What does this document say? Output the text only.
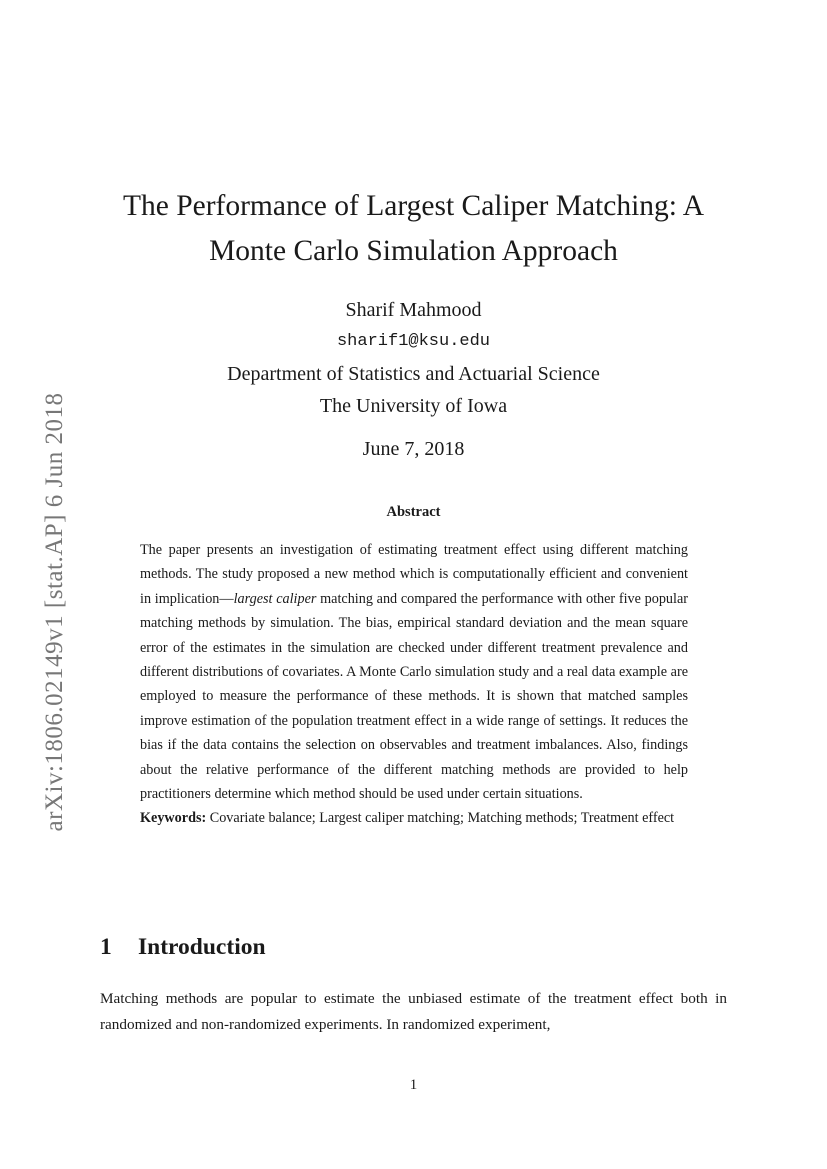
arXiv:1806.02149v1 [stat.AP] 6 Jun 2018
The Performance of Largest Caliper Matching: A
Monte Carlo Simulation Approach
Sharif Mahmood
sharif1@ksu.edu
Department of Statistics and Actuarial Science
The University of Iowa
June 7, 2018
Abstract

The paper presents an investigation of estimating treatment effect using different matching methods. The study proposed a new method which is computationally efficient and convenient in implication—largest caliper matching and compared the performance with other five popular matching methods by simulation. The bias, empirical standard deviation and the mean square error of the estimates in the simulation are checked under different treatment prevalence and different distributions of covariates. A Monte Carlo simulation study and a real data example are employed to measure the performance of these methods. It is shown that matched samples improve estimation of the population treatment effect in a wide range of settings. It reduces the bias if the data contains the selection on observables and treatment imbalances. Also, findings about the relative performance of the different matching methods are provided to help practitioners determine which method should be used under certain situations.

Keywords: Covariate balance; Largest caliper matching; Matching methods; Treatment effect

1 Introduction

Matching methods are popular to estimate the unbiased estimate of the treatment effect both in randomized and non-randomized experiments. In randomized experiment,

1
